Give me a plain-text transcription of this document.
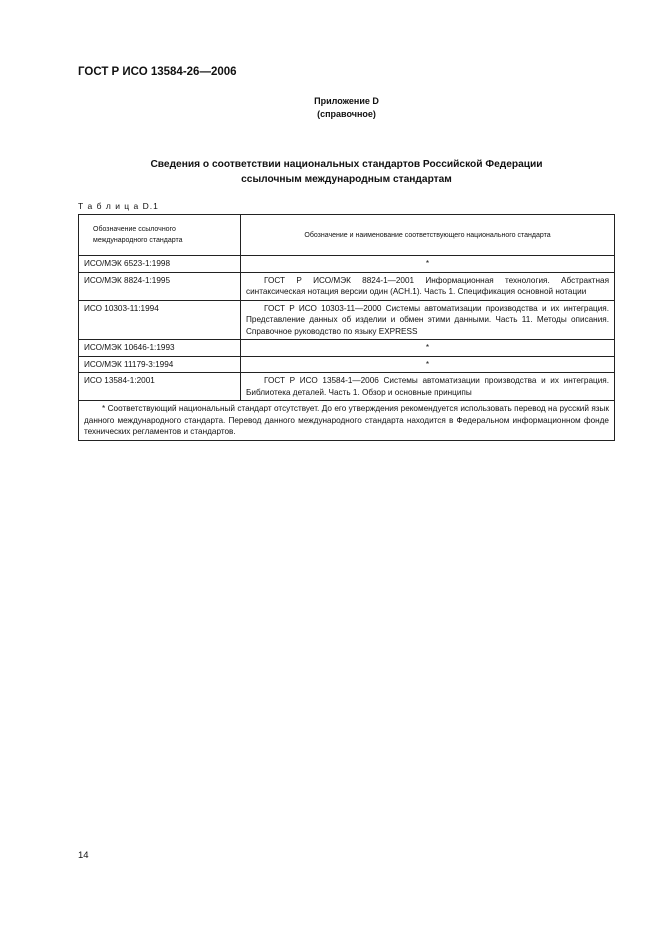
ГОСТ Р ИСО 13584-26—2006
Приложение D
(справочное)
Сведения о соответствии национальных стандартов Российской Федерации
ссылочным международным стандартам
Т а б л и ц а D.1
Обозначение ссылочного
международного стандарта	Обозначение и наименование соответствующего национального стандарта
ИСО/МЭК 6523-1:1998	*
ИСО/МЭК 8824-1:1995	ГОСТ Р ИСО/МЭК 8824-1—2001 Информационная технология. Абстрактная синтаксическая нотация версии один (АСН.1). Часть 1. Спецификация основной нотации
ИСО 10303-11:1994	ГОСТ Р ИСО 10303-11—2000 Системы автоматизации производства и их интеграция. Представление данных об изделии и обмен этими данными. Часть 11. Методы описания. Справочное руководство по языку EXPRESS
ИСО/МЭК 10646-1:1993	*
ИСО/МЭК 11179-3:1994	*
ИСО 13584-1:2001	ГОСТ Р ИСО 13584-1—2006 Системы автоматизации производства и их интеграция. Библиотека деталей. Часть 1. Обзор и основные принципы
* Соответствующий национальный стандарт отсутствует. До его утверждения рекомендуется использовать перевод на русский язык данного международного стандарта. Перевод данного международного стандарта находится в Федеральном информационном фонде технических регламентов и стандартов.	
14
